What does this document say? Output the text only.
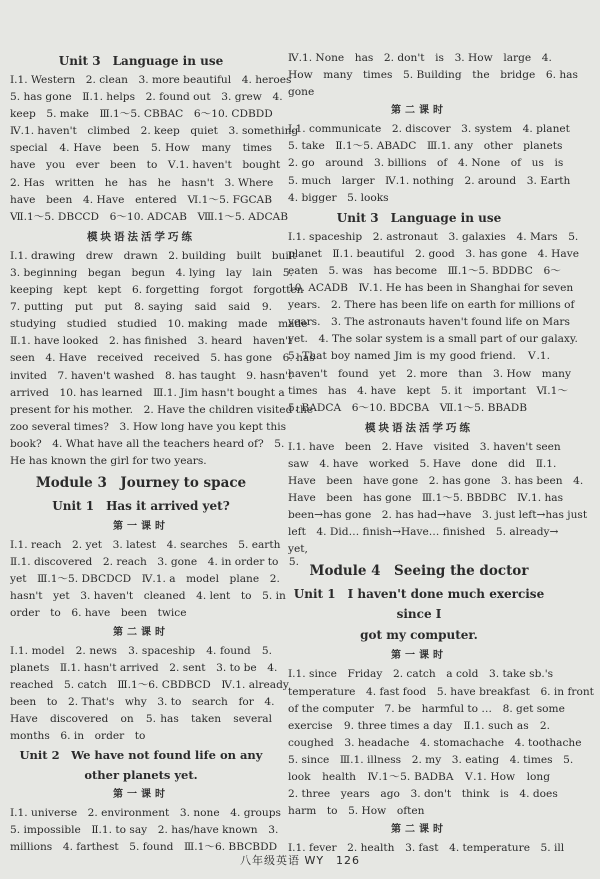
Unit 3　Language in use
Ⅰ.1. Western　2. clean　3. more beautiful　4. heroes
5. has gone　Ⅱ.1. helps　2. found out　3. grew　4.
keep　5. make　Ⅲ.1～5. CBBAC　6～10. CDBDD
Ⅳ.1. haven't　climbed　2. keep　quiet　3. something
special　4. Have　been　5. How　many　times
have　you　ever　been　to　Ⅴ.1. haven't　bought
2. Has　written　he　has　he　hasn't　3. Where
have　been　4. Have　entered　Ⅵ.1～5. FGCAB
Ⅶ.1～5. DBCCD　6～10. ADCAB　Ⅷ.1～5. ADCAB
模块语法活学巧练
Ⅰ.1. drawing　drew　drawn　2. building　built　built
3. beginning　began　begun　4. lying　lay　lain　5.
keeping　kept　kept　6. forgetting　forgot　forgotten
7. putting　put　put　8. saying　said　said　9.
studying　studied　studied　10. making　made　made
Ⅱ.1. have looked　2. has finished　3. heard　haven't
seen　4. Have　received　received　5. has gone　6. has
invited　7. haven't washed　8. has taught　9. hasn't
arrived　10. has learned　Ⅲ.1. Jim hasn't bought a
present for his mother.　2. Have the children visited the
zoo several times?　3. How long have you kept this
book?　4. What have all the teachers heard of?　5.
He has known the girl for two years.
Module 3　Journey to space
Unit 1　Has it arrived yet?
第一课时
Ⅰ.1. reach　2. yet　3. latest　4. searches　5. earth
Ⅱ.1. discovered　2. reach　3. gone　4. in order to　5.
yet　Ⅲ.1～5. DBCDCD　Ⅳ.1. a　model　plane　2.
hasn't　yet　3. haven't　cleaned　4. lent　to　5. in
order　to　6. have　been　twice
第二课时
Ⅰ.1. model　2. news　3. spaceship　4. found　5.
planets　Ⅱ.1. hasn't arrived　2. sent　3. to be　4.
reached　5. catch　Ⅲ.1～6. CBDBCD　Ⅳ.1. already
been　to　2. That's　why　3. to　search　for　4.
Have　discovered　on　5. has　taken　several
months　6. in　order　to
Unit 2　We have not found life on any other planets yet.
第一课时
Ⅰ.1. universe　2. environment　3. none　4. groups
5. impossible　Ⅱ.1. to say　2. has/have known　3.
millions　4. farthest　5. found　Ⅲ.1～6. BBCBDD
Ⅳ.1. None　has　2. don't　is　3. How　large　4.
How　many　times　5. Building　the　bridge　6. has
gone
第二课时
Ⅰ.1. communicate　2. discover　3. system　4. planet
5. take　Ⅱ.1～5. ABADC　Ⅲ.1. any　other　planets
2. go　around　3. billions　of　4. None　of　us　is
5. much　larger　Ⅳ.1. nothing　2. around　3. Earth
4. bigger　5. looks
Unit 3　Language in use
Ⅰ.1. spaceship　2. astronaut　3. galaxies　4. Mars　5.
planet　Ⅱ.1. beautiful　2. good　3. has gone　4. Have
eaten　5. was　has become　Ⅲ.1～5. BDDBC　6～
10. ACADB　Ⅳ.1. He has been in Shanghai for seven
years.　2. There has been life on earth for millions of
years.　3. The astronauts haven't found life on Mars
yet.　4. The solar system is a small part of our galaxy.
5. That boy named Jim is my good friend.　Ⅴ.1.
haven't　found　yet　2. more　than　3. How　many
times　has　4. have　kept　5. it　important　Ⅵ.1～
5. BADCA　6～10. BDCBA　Ⅶ.1～5. BBADB
模块语法活学巧练
Ⅰ.1. have　been　2. Have　visited　3. haven't seen
saw　4. have　worked　5. Have　done　did　Ⅱ.1.
Have　been　have gone　2. has gone　3. has been　4.
Have　been　has gone　Ⅲ.1～5. BBDBC　Ⅳ.1. has
been→has gone　2. has had→have　3. just left→has just
left　4. Did… finish→Have… finished　5. already→
yet,
Module 4　Seeing the doctor
Unit 1　I haven't done much exercise since I
got my computer.
第一课时
Ⅰ.1. since　Friday　2. catch　a cold　3. take sb.'s
temperature　4. fast food　5. have breakfast　6. in front
of the computer　7. be　harmful to …　8. get some
exercise　9. three times a day　Ⅱ.1. such as　2.
coughed　3. headache　4. stomachache　4. toothache
5. since　Ⅲ.1. illness　2. my　3. eating　4. times　5.
look　health　Ⅳ.1～5. BADBA　Ⅴ.1. How　long
2. three　years　ago　3. don't　think　is　4. does
harm　to　5. How　often
第二课时
Ⅰ.1. fever　2. health　3. fast　4. temperature　5. ill
八年级英语 WY　126
